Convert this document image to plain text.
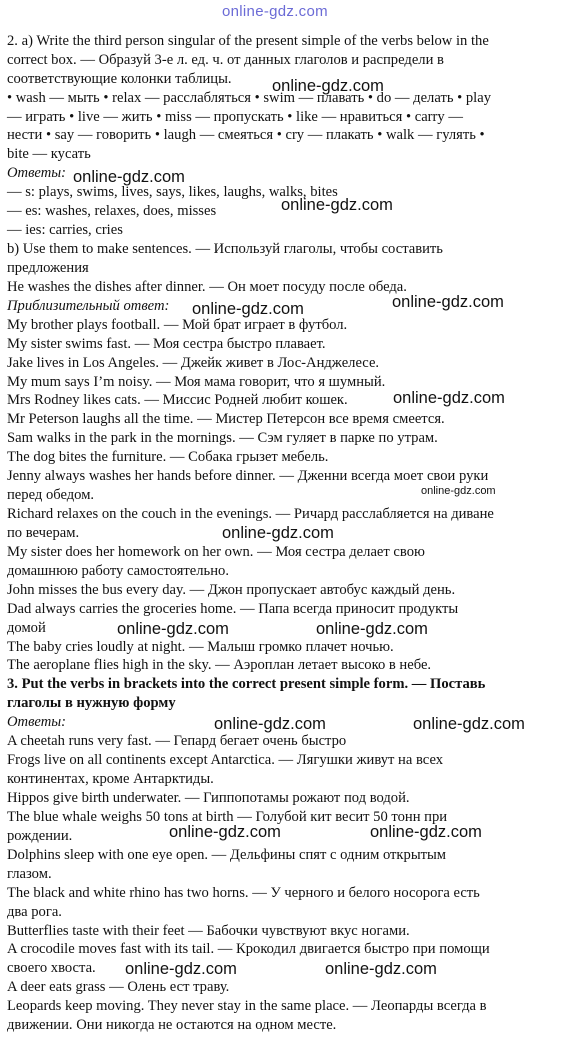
2. a) Write the third person singular of the present simple of the verbs below in the
correct box. — Образуй 3-е л. ед. ч. от данных глаголов и распредели в
соответствующие колонки таблицы.
• wash — мыть • relax — расслабляться • swim — плавать • do — делать • play
— играть • live — жить • miss — пропускать • like — нравиться • carry —
нести • say — говорить • laugh — смеяться • cry — плакать • walk — гулять •
bite — кусать
Ответы:
— s: plays, swims, lives, says, likes, laughs, walks, bites
— es: washes, relaxes, does, misses
— ies: carries, cries
b) Use them to make sentences. — Используй глаголы, чтобы составить
предложения
He washes the dishes after dinner. — Он моет посуду после обеда.
Приблизительный ответ:
My brother plays football. — Мой брат играет в футбол.
My sister swims fast. — Моя сестра быстро плавает.
Jake lives in Los Angeles. — Джейк живет в Лос-Анджелесе.
My mum says I’m noisy. — Моя мама говорит, что я шумный.
Mrs Rodney likes cats. — Миссис Родней любит кошек.
Mr Peterson laughs all the time. — Мистер Петерсон все время смеется.
Sam walks in the park in the mornings. — Сэм гуляет в парке по утрам.
The dog bites the furniture. — Собака грызет мебель.
Jenny always washes her hands before dinner. — Дженни всегда моет свои руки
перед обедом.
Richard relaxes on the couch in the evenings. — Ричард расслабляется на диване
по вечерам.
My sister does her homework on her own. — Моя сестра делает свою
домашнюю работу самостоятельно.
John misses the bus every day. — Джон пропускает автобус каждый день.
Dad always carries the groceries home. — Папа всегда приносит продукты
домой
The baby cries loudly at night. — Малыш громко плачет ночью.
The aeroplane flies high in the sky. — Аэроплан летает высоко в небе.
3. Put the verbs in brackets into the correct present simple form. — Поставь
глаголы в нужную форму
Ответы:
A cheetah runs very fast. — Гепард бегает очень быстро
Frogs live on all continents except Antarctica. — Лягушки живут на всех
континентах, кроме Антарктиды.
Hippos give birth underwater. — Гиппопотамы рожают под водой.
The blue whale weighs 50 tons at birth — Голубой кит весит 50 тонн при
рождении.
Dolphins sleep with one eye open. — Дельфины спят с одним открытым
глазом.
The black and white rhino has two horns. — У черного и белого носорога есть
два рога.
Butterflies taste with their feet — Бабочки чувствуют вкус ногами.
A crocodile moves fast with its tail. — Крокодил двигается быстро при помощи
своего хвоста.
A deer eats grass — Олень ест траву.
Leopards keep moving. They never stay in the same place. — Леопарды всегда в
движении. Они никогда не остаются на одном месте.
online-gdz.com
online-gdz.com
online-gdz.com
online-gdz.com
online-gdz.com
online-gdz.com
online-gdz.com
online-gdz.com
online-gdz.com
online-gdz.com	online-gdz.com
online-gdz.com	online-gdz.com
online-gdz.com	online-gdz.com
online-gdz.com	online-gdz.com
